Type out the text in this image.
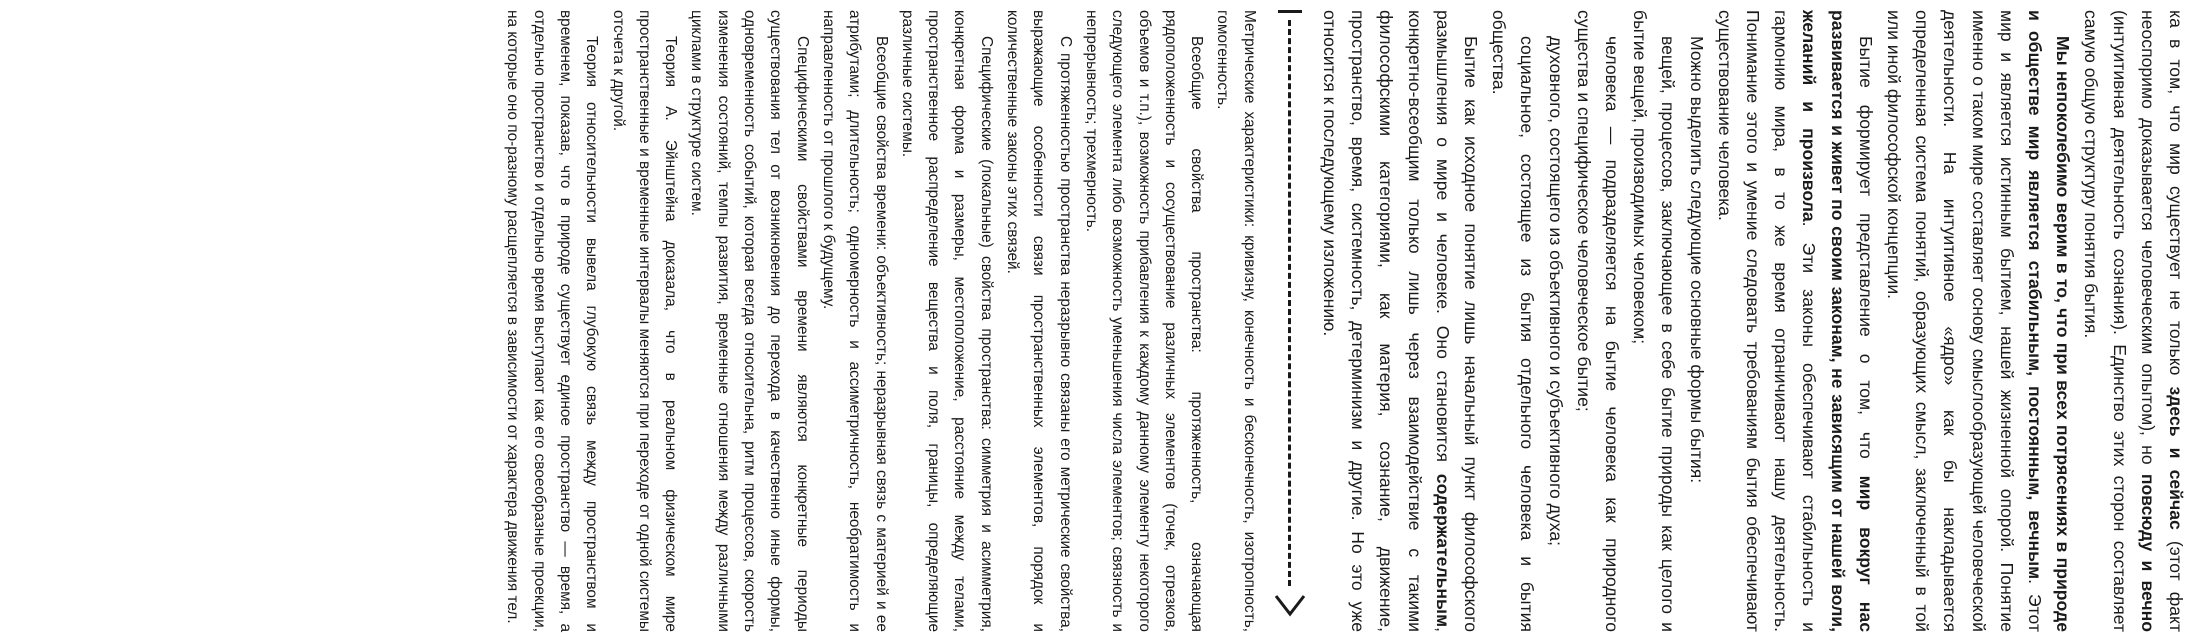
ка в том, что мир существует не только здесь и сейчас (этот факт неоспоримо доказывается человеческим опытом), но повсюду и вечно (интуитивная деятельность сознания). Единство этих сторон составляет самую общую структуру понятия бытия.

Мы непоколебимо верим в то, что при всех потрясениях в природе и обществе мир является стабильным, постоянным, вечным. Этот мир и является истинным бытием, нашей жизненной опорой. Понятие именно о таком мире составляет основу смыслообразующей человеческой деятельности. На интуитивное «ядро» как бы накладывается определенная система понятий, образующих смысл, заключенный в той или иной философской концепции.

Бытие формирует представление о том, что мир вокруг нас развивается и живет по своим законам, не зависящим от нашей воли, желаний и произвола. Эти законы обеспечивают стабильность и гармонию мира, в то же время ограничивают нашу деятельность. Понимание этого и умение следовать требованиям бытия обеспечивают существование человека.

Можно выделить следующие основные формы бытия:

вещей, процессов, заключающее в себе бытие природы как целого и бытие вещей, производимых человеком;

человека — подразделяется на бытие человека как природного существа и специфическое человеческое бытие;

духовного, состоящего из объективного и субъективного духа;

социальное, состоящее из бытия отдельного человека и бытия общества.

Бытие как исходное понятие лишь начальный пункт философского размышления о мире и человеке. Оно становится содержательным, конкретно-всеобщим только лишь через взаимодействие с такими философскими категориями, как материя, сознание, движение, пространство, время, системность, детерминизм и другие. Но это уже относится к последующему изложению.

Метрические характеристики: кривизну, конечность и бесконечность, изотропность, гомогенность.

Всеобщие свойства пространства: протяженность, означающая рядоположенность и сосуществование различных элементов (точек, отрезков, объемов и т.п.), возможность прибавления к каждому данному элементу некоторого следующего элемента либо возможность уменьшения числа элементов; связность и непрерывность; трехмерность.

С протяженностью пространства неразрывно связаны его метрические свойства, выражающие особенности связи пространственных элементов, порядок и количественные законы этих связей.

Специфические (локальные) свойства пространства: симметрия и асимметрия, конкретная форма и размеры, местоположение, расстояние между телами, пространственное распределение вещества и поля, границы, определяющие различные системы.

Всеобщие свойства времени: объективность; неразрывная связь с материей и ее атрибутами; длительность; одномерность и ассиметричность, необратимость и направленность от прошлого к будущему.

Специфическими свойствами времени являются конкретные периоды существования тел от возникновения до перехода в качественно иные формы, одновременность событий, которая всегда относительна, ритм процессов, скорость изменения состояний, темпы развития, временные отношения между различными циклами в структуре систем.

Теория А. Эйнштейна доказала, что в реальном физическом мире пространственные и временные интервалы меняются при переходе от одной системы отсчета к другой.

Теория относительности вывела глубокую связь между пространством и временем, показав, что в природе существует единое пространство — время, а отдельно пространство и отдельно время выступают как его своеобразные проекции, на которые оно по-разному расщепляется в зависимости от характера движения тел.
